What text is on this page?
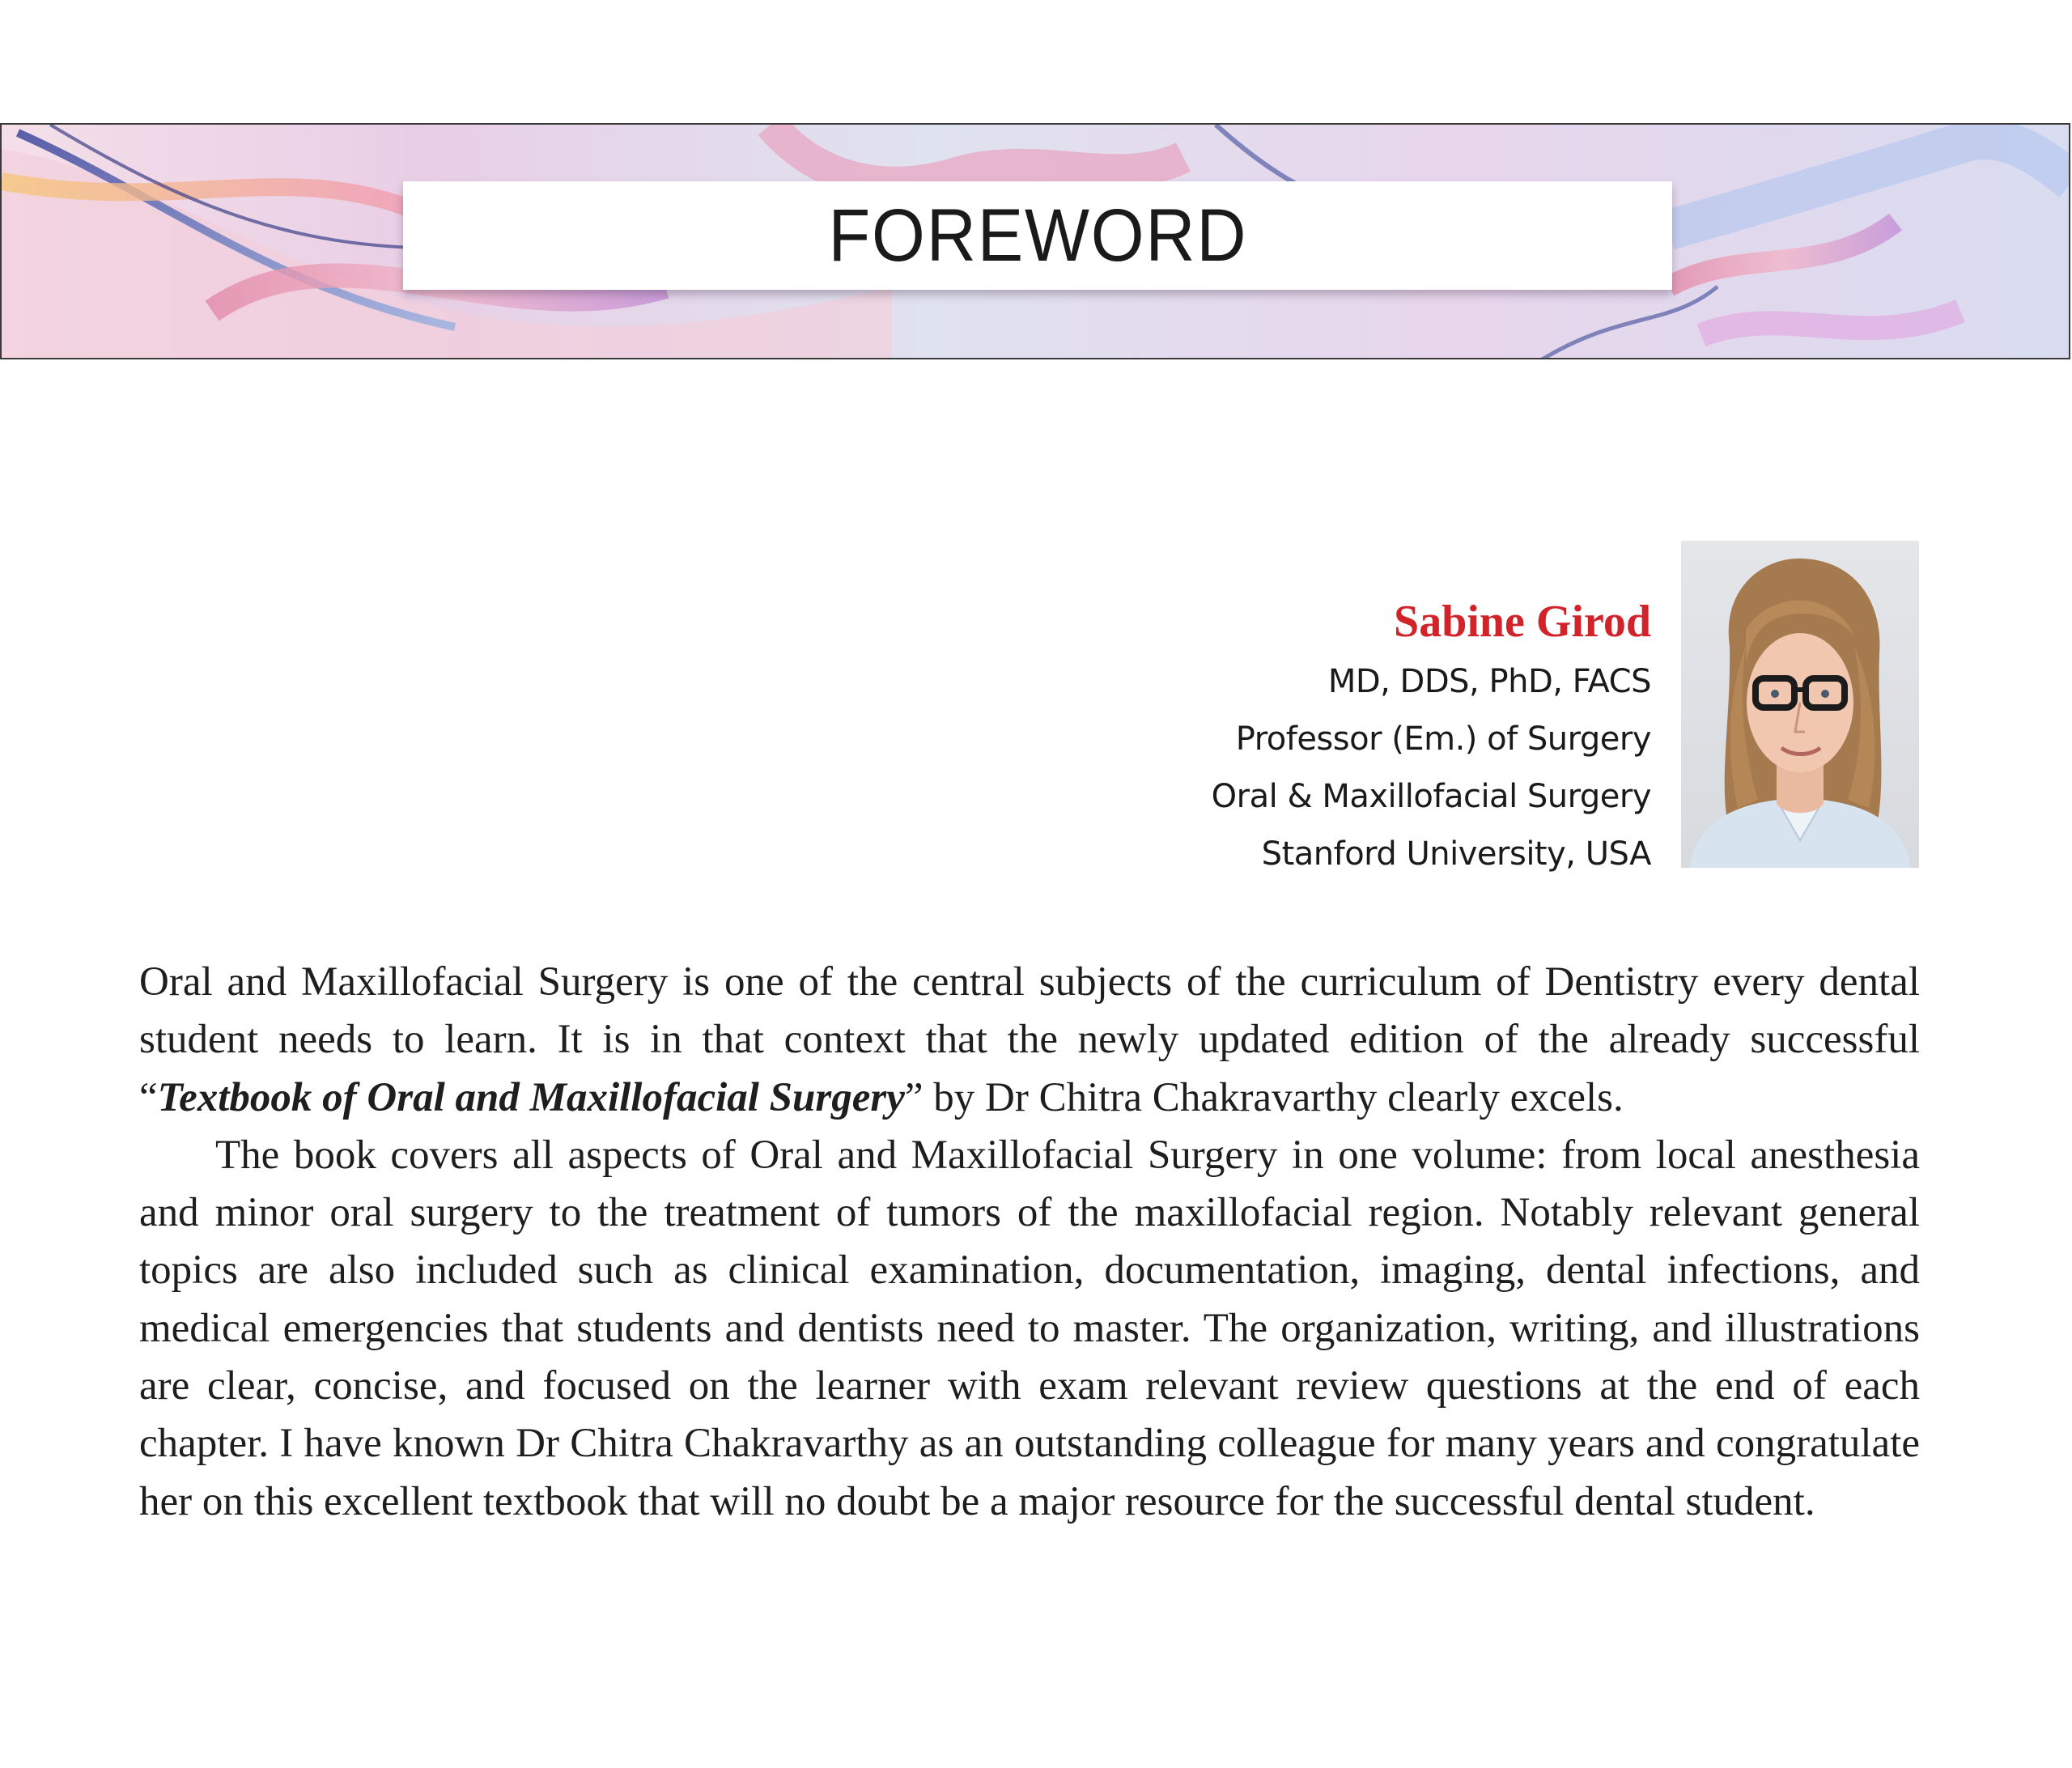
FOREWORD
Sabine Girod
MD, DDS, PhD, FACS
Professor (Em.) of Surgery
Oral & Maxillofacial Surgery
Stanford University, USA

Oral and Maxillofacial Surgery is one of the central subjects of the curriculum of Dentistry every dental student needs to learn. It is in that context that the newly updated edition of the already successful “Textbook of Oral and Maxillofacial Surgery” by Dr Chitra Chakravarthy clearly excels.

The book covers all aspects of Oral and Maxillofacial Surgery in one volume: from local anesthesia and minor oral surgery to the treatment of tumors of the maxillofacial region. Notably relevant general topics are also included such as clinical examination, documentation, imaging, dental infections, and medical emergencies that students and dentists need to master. The organization, writing, and illustrations are clear, concise, and focused on the learner with exam relevant review questions at the end of each chapter. I have known Dr Chitra Chakravarthy as an outstanding colleague for many years and congratulate her on this excellent textbook that will no doubt be a major resource for the successful dental student.
